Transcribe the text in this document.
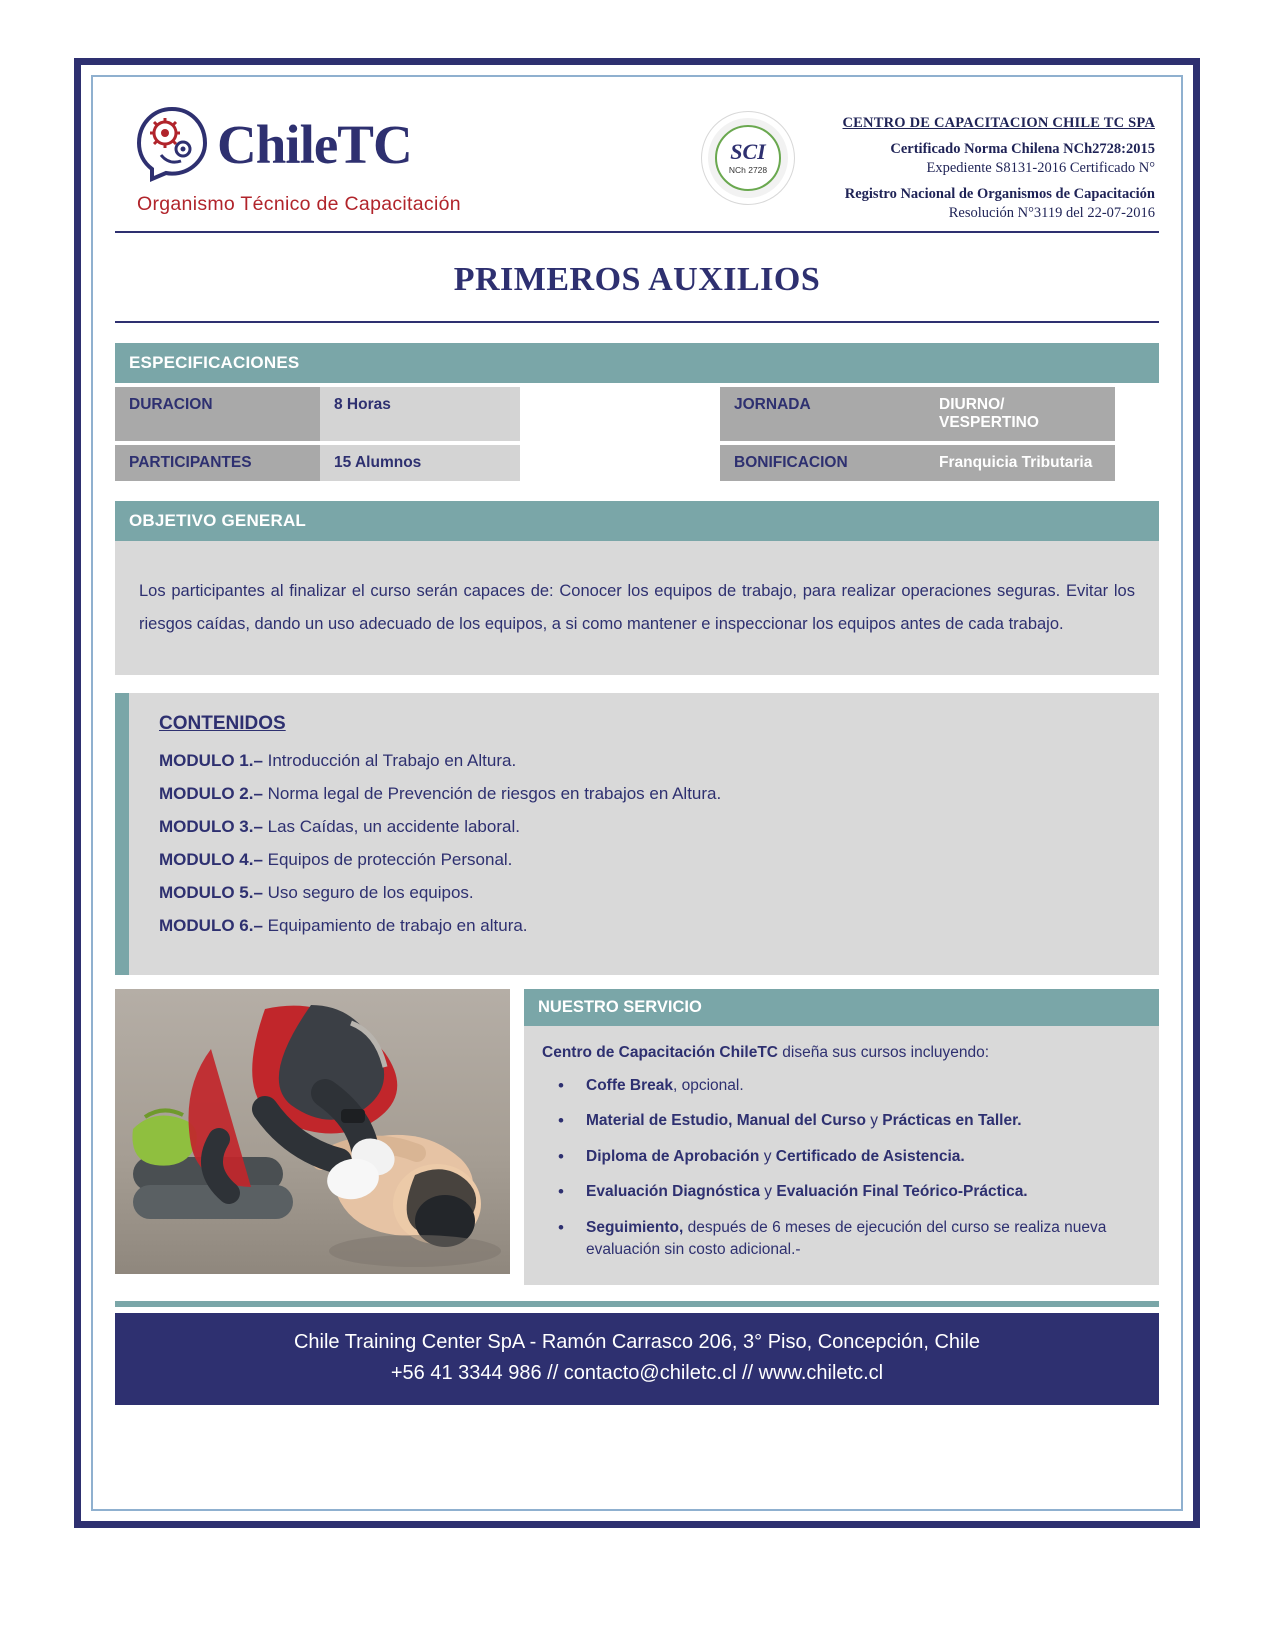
ChileTC
Organismo Técnico de Capacitación
SCI
NCh 2728
CENTRO DE CAPACITACION CHILE TC SPA
Certificado Norma Chilena NCh2728:2015
Expediente S8131-2016 Certificado N°
Registro Nacional de Organismos de Capacitación
Resolución N°3119 del 22-07-2016
PRIMEROS AUXILIOS
ESPECIFICACIONES
DURACION	8 Horas	JORNADA	DIURNO/ VESPERTINO
PARTICIPANTES	15 Alumnos	BONIFICACION	Franquicia Tributaria
OBJETIVO GENERAL
Los participantes al finalizar el curso serán capaces de: Conocer los equipos de trabajo, para realizar operaciones seguras. Evitar los riesgos caídas, dando un uso adecuado de los equipos, a si como mantener e inspeccionar los equipos antes de cada trabajo.
CONTENIDOS
MODULO 1.– Introducción al Trabajo en Altura.
MODULO 2.– Norma legal de Prevención de riesgos en trabajos en Altura.
MODULO 3.– Las Caídas, un accidente laboral.
MODULO 4.– Equipos de protección Personal.
MODULO 5.– Uso seguro de los equipos.
MODULO 6.– Equipamiento de trabajo en altura.
NUESTRO SERVICIO
Centro de Capacitación ChileTC diseña sus cursos incluyendo:
• Coffe Break, opcional.
• Material de Estudio, Manual del Curso y Prácticas en Taller.
• Diploma de Aprobación y Certificado de Asistencia.
• Evaluación Diagnóstica y Evaluación Final Teórico-Práctica.
• Seguimiento, después de 6 meses de ejecución del curso se realiza nueva evaluación sin costo adicional.-
Chile Training Center SpA - Ramón Carrasco 206, 3° Piso, Concepción, Chile
+56 41 3344 986 // contacto@chiletc.cl // www.chiletc.cl
